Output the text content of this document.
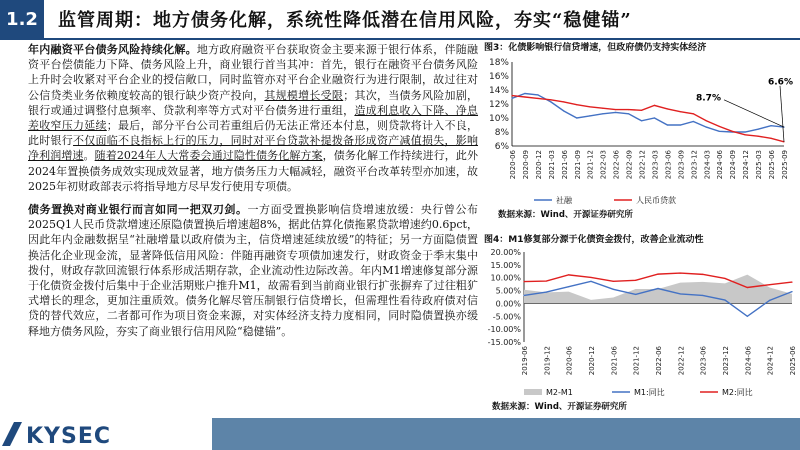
1.2	监管周期：地方债务化解，系统性降低潜在信用风险，夯实“稳健锚”

年内融资平台债务风险持续化解。地方政府融资平台获取资金主要来源于银行体系，伴随融资平台偿债能力下降、债务风险上升，商业银行首当其冲：首先，银行在融资平台债务风险上升时会收紧对平台企业的授信敞口，同时监管亦对平台企业融资行为进行限制，故过往对公信贷类业务依赖度较高的银行缺少资产投向，其规模增长受限；其次，当债务风险加剧，银行或通过调整付息频率、贷款利率等方式对平台债务进行重组，造成利息收入下降、净息差收窄压力延续；最后，部分平台公司若重组后仍无法正常还本付息，则贷款将计入不良，此时银行不仅面临不良指标上行的压力，同时对平台贷款补提拨备形成资产减值损失，影响净利润增速。随着2024年人大常委会通过隐性债务化解方案，债务化解工作持续进行，此外2024年置换债务成效实现成效显著，地方债务压力大幅减轻，融资平台改革转型亦加速，故2025年初财政部表示将指导地方尽早发行使用专项债。

债务置换对商业银行而言如同一把双刃剑。一方面受置换影响信贷增速放缓：央行曾公布2025Q1人民币贷款增速还原隐债置换后增速超8%，据此估算化债拖累贷款增速约0.6pct，因此年内金融数据呈“社融增量以政府债为主，信贷增速延续放缓”的特征；另一方面隐债置换活化企业现金流，显著降低信用风险：伴随再融资专项债加速发行，财政资金于季末集中拨付，财政存款回流银行体系形成活期存款，企业流动性边际改善。年内M1增速修复部分源于化债资金拨付后集中于企业活期账户推升M1，故需看到当前商业银行扩张摒弃了过往粗犷式增长的理念，更加注重质效。债务化解尽管压制银行信贷增长，但需理性看待政府债对信贷的替代效应，二者都可作为项目资金来源，对实体经济支持力度相同，同时隐债置换亦缓释地方债务风险，夯实了商业银行信用风险“稳健锚”。

图3：化债影响银行信贷增速，但政府债仍支持实体经济
6%
8%
10%
12%
14%
16%
18%
2020-06 2020-09 2020-12 2021-03 2021-06 2021-09 2021-12 2022-03 2022-06 2022-09 2022-12 2023-03 2023-06 2023-09 2023-12 2024-03 2024-06 2024-09 2024-12 2025-03 2025-06 2025-09
社融	人民币贷款
8.7%
6.6%
数据来源：Wind、开源证券研究所
图4：M1修复部分源于化债资金拨付，改善企业流动性
-15.00%
-10.00%
-5.00%
0.00%
5.00%
10.00%
15.00%
20.00%
2019-06 2019-12 2020-06 2020-12 2021-06 2021-12 2022-06 2022-12 2023-06 2023-12 2024-06 2024-12 2025-06
M2-M1	M1:同比	M2:同比
数据来源：Wind、开源证券研究所
KYSEC
